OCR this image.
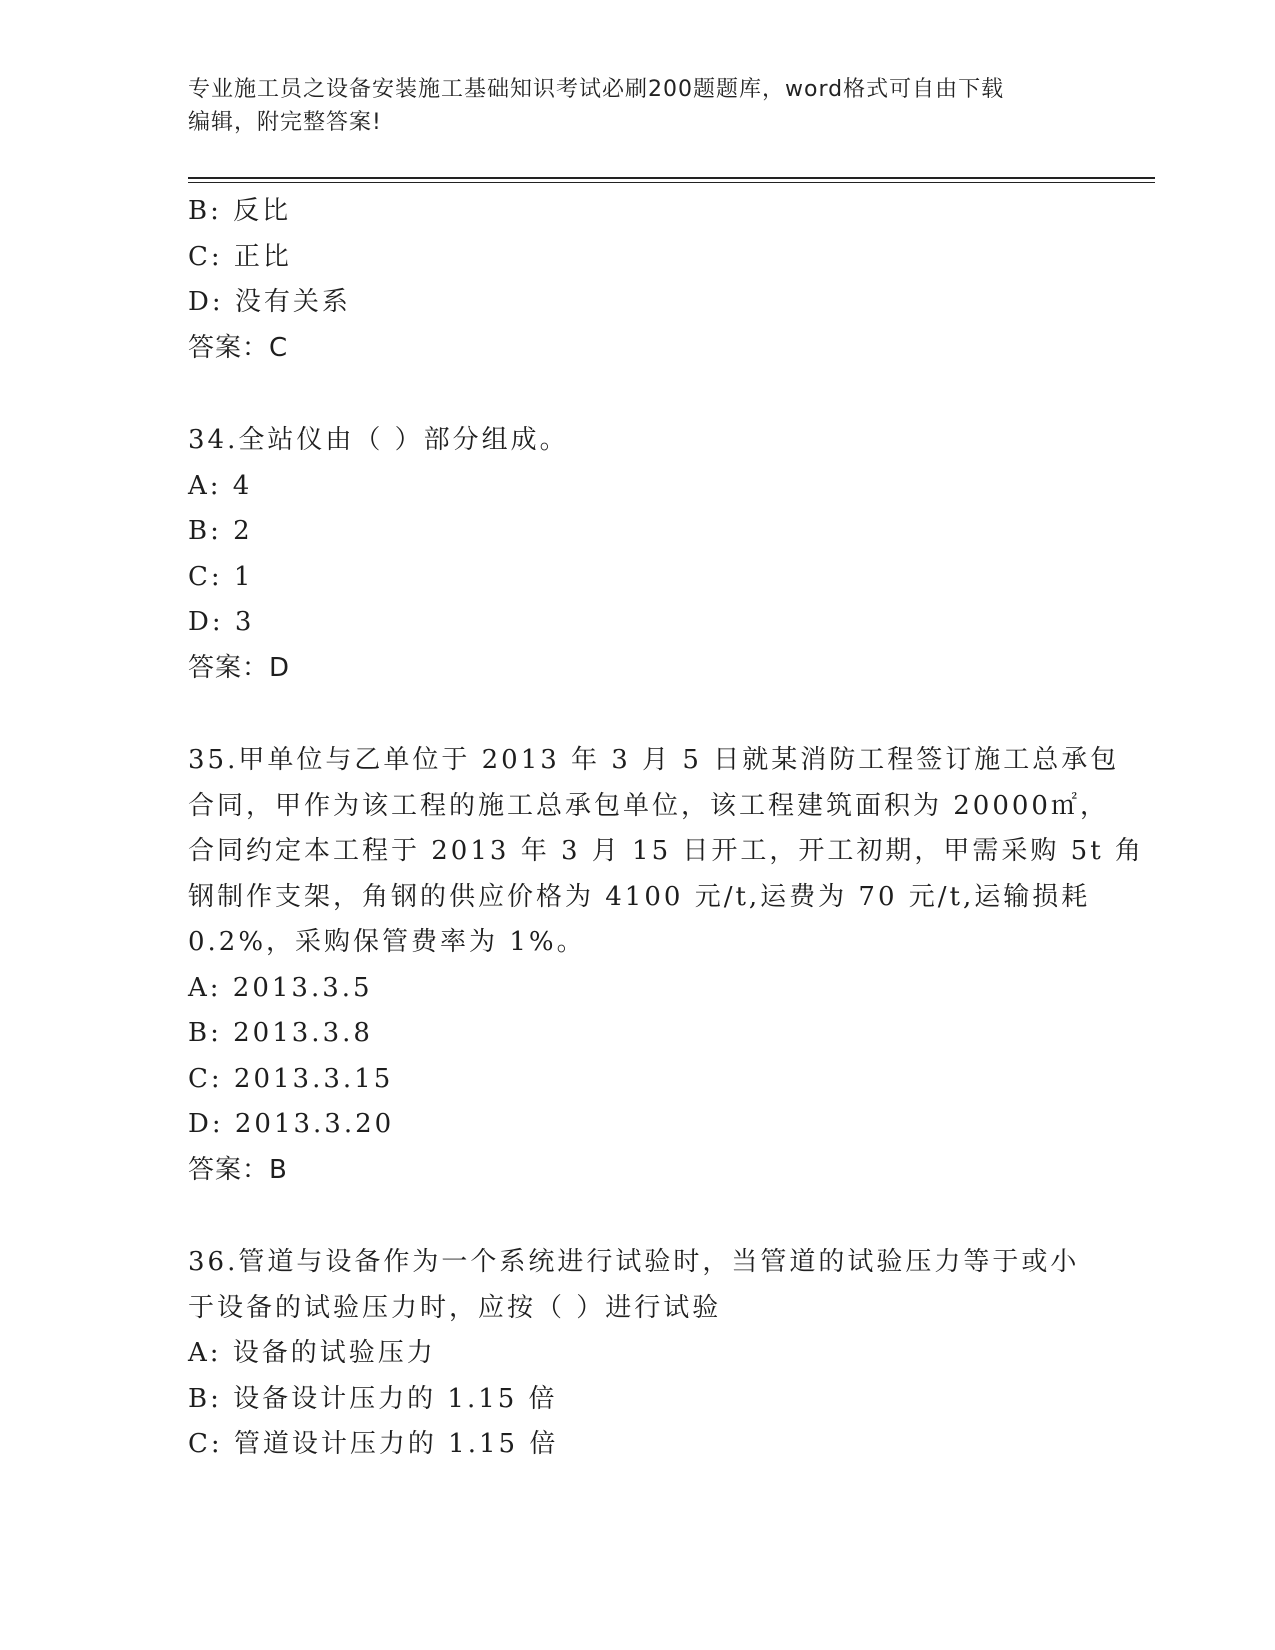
专业施工员之设备安装施工基础知识考试必刷200题题库，word格式可自由下载
编辑，附完整答案!
B: 反比
C: 正比
D: 没有关系
答案：C
34.全站仪由（ ）部分组成。
A: 4
B: 2
C: 1
D: 3
答案：D
35.甲单位与乙单位于 2013 年 3 月 5 日就某消防工程签订施工总承包
合同，甲作为该工程的施工总承包单位，该工程建筑面积为 20000㎡，
合同约定本工程于 2013 年 3 月 15 日开工，开工初期，甲需采购 5t 角
钢制作支架，角钢的供应价格为 4100 元/t,运费为 70 元/t,运输损耗
0.2%，采购保管费率为 1%。
A: 2013.3.5
B: 2013.3.8
C: 2013.3.15
D: 2013.3.20
答案：B
36.管道与设备作为一个系统进行试验时，当管道的试验压力等于或小
于设备的试验压力时，应按（ ）进行试验
A: 设备的试验压力
B: 设备设计压力的 1.15 倍
C: 管道设计压力的 1.15 倍
